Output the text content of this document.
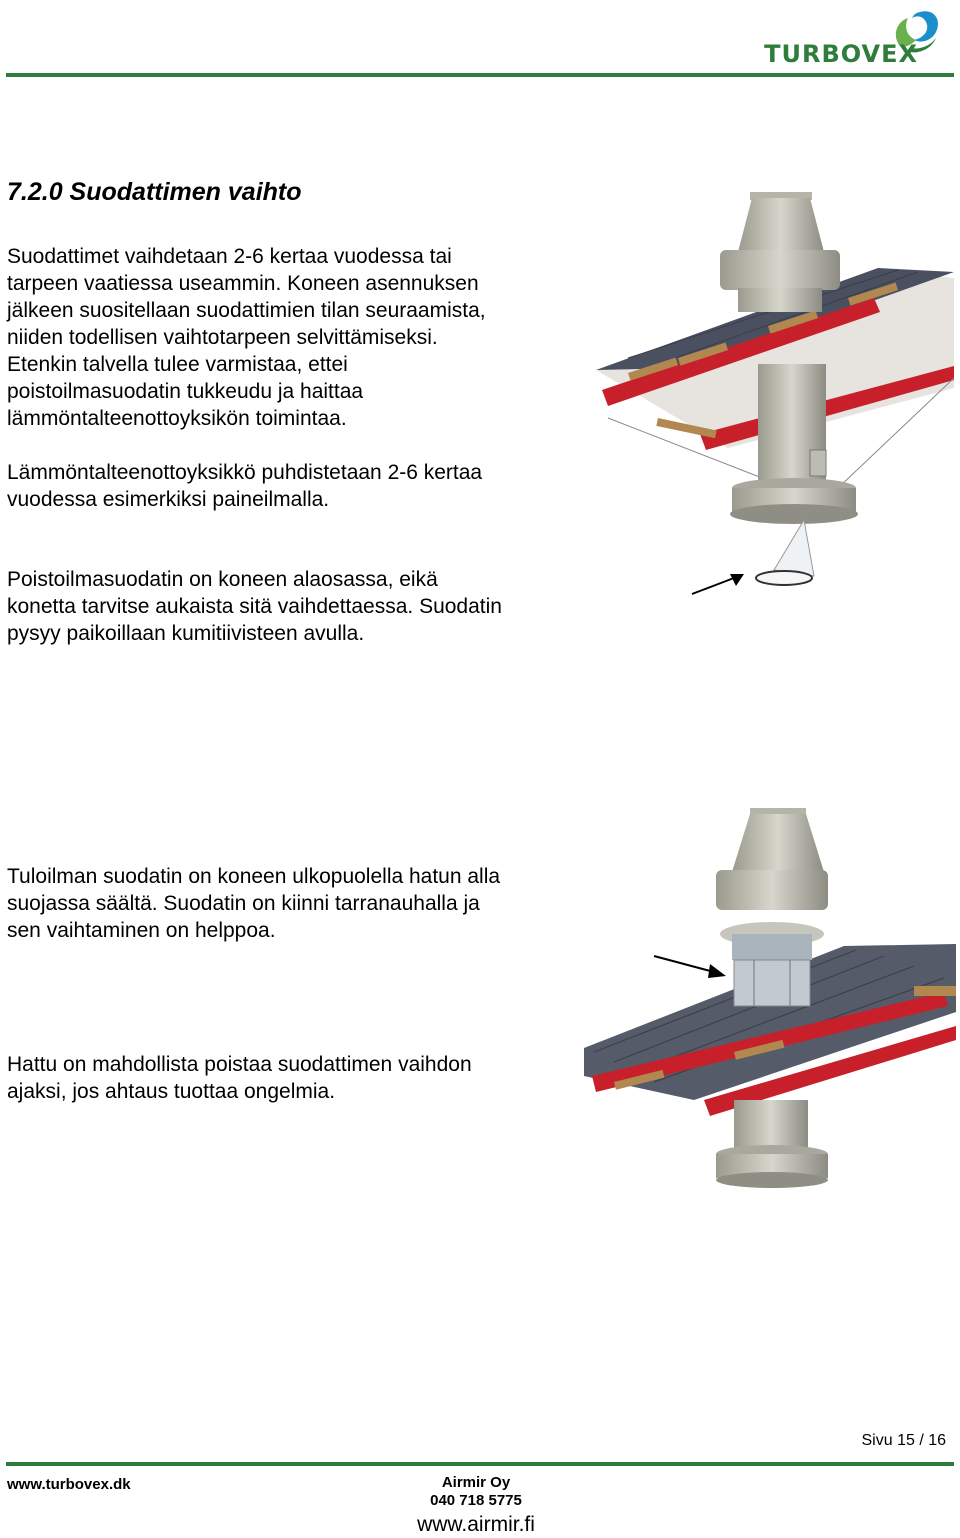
TURBOVEX
7.2.0 Suodattimen vaihto

Suodattimet vaihdetaan 2-6 kertaa vuodessa tai
tarpeen vaatiessa useammin. Koneen asennuksen
jälkeen suositellaan suodattimien tilan seuraamista,
niiden todellisen vaihtotarpeen selvittämiseksi.
Etenkin talvella tulee varmistaa, ettei
poistoilmasuodatin tukkeudu ja haittaa
lämmöntalteenottoyksikön toimintaa.

Lämmöntalteenottoyksikkö puhdistetaan 2-6 kertaa
vuodessa esimerkiksi paineilmalla.

Poistoilmasuodatin on koneen alaosassa, eikä
konetta tarvitse aukaista sitä vaihdettaessa. Suodatin
pysyy paikoillaan kumitiivisteen avulla.

Tuloilman suodatin on koneen ulkopuolella hatun alla
suojassa säältä. Suodatin on kiinni tarranauhalla ja
sen vaihtaminen on helppoa.

Hattu on mahdollista poistaa suodattimen vaihdon
ajaksi, jos ahtaus tuottaa ongelmia.

Sivu 15 / 16
www.turbovex.dk	Airmir Oy
040 718 5775
www.airmir.fi
